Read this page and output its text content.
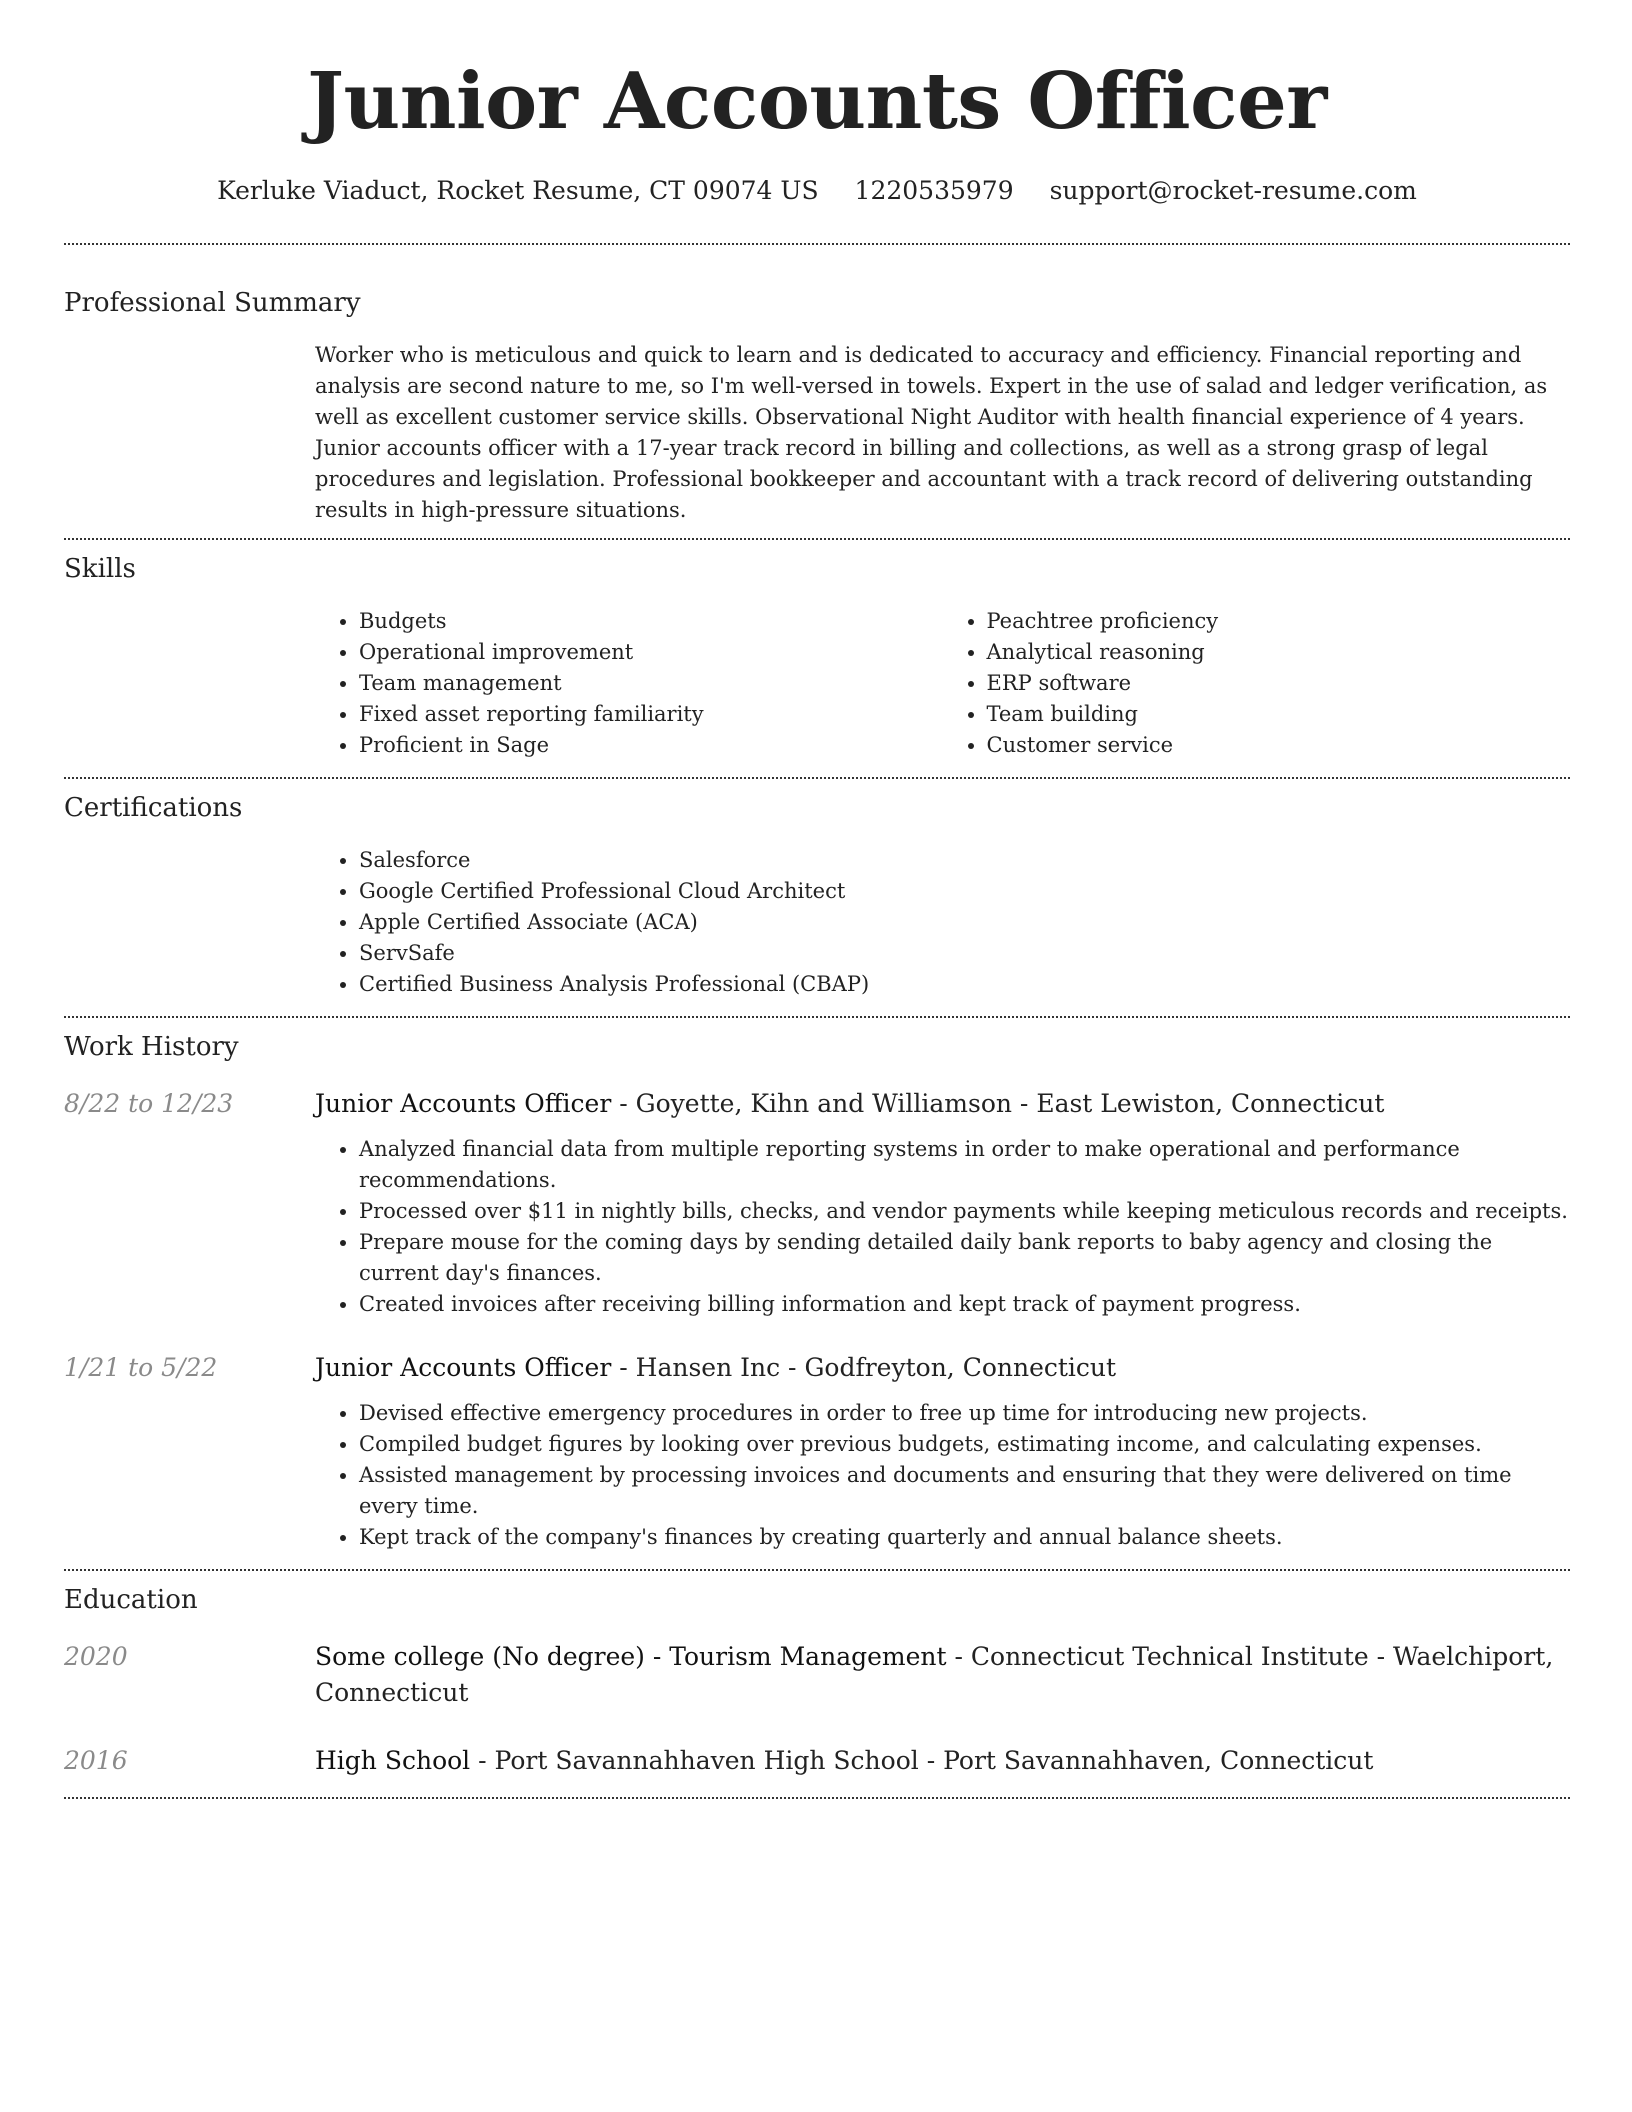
Junior Accounts Officer
Kerluke Viaduct, Rocket Resume, CT 09074 US 1220535979 support@rocket-resume.com
Professional Summary

Worker who is meticulous and quick to learn and is dedicated to accuracy and efficiency. Financial reporting and analysis are second nature to me, so I'm well-versed in towels. Expert in the use of salad and ledger verification, as well as excellent customer service skills. Observational Night Auditor with health financial experience of 4 years. Junior accounts officer with a 17-year track record in billing and collections, as well as a strong grasp of legal procedures and legislation. Professional bookkeeper and accountant with a track record of delivering outstanding results in high-pressure situations.

Skills
• Budgets
• Operational improvement
• Team management
• Fixed asset reporting familiarity
• Proficient in Sage
• Peachtree proficiency
• Analytical reasoning
• ERP software
• Team building
• Customer service
Certifications
• Salesforce
• Google Certified Professional Cloud Architect
• Apple Certified Associate (ACA)
• ServSafe
• Certified Business Analysis Professional (CBAP)
Work History
8/22 to 12/23	Junior Accounts Officer - Goyette, Kihn and Williamson - East Lewiston, Connecticut
• Analyzed financial data from multiple reporting systems in order to make operational and performance recommendations.
• Processed over $11 in nightly bills, checks, and vendor payments while keeping meticulous records and receipts.
• Prepare mouse for the coming days by sending detailed daily bank reports to baby agency and closing the current day's finances.
• Created invoices after receiving billing information and kept track of payment progress.
1/21 to 5/22	Junior Accounts Officer - Hansen Inc - Godfreyton, Connecticut
• Devised effective emergency procedures in order to free up time for introducing new projects.
• Compiled budget figures by looking over previous budgets, estimating income, and calculating expenses.
• Assisted management by processing invoices and documents and ensuring that they were delivered on time every time.
• Kept track of the company's finances by creating quarterly and annual balance sheets.
Education
2020	Some college (No degree) - Tourism Management - Connecticut Technical Institute - Waelchiport, Connecticut
2016	High School - Port Savannahhaven High School - Port Savannahhaven, Connecticut
